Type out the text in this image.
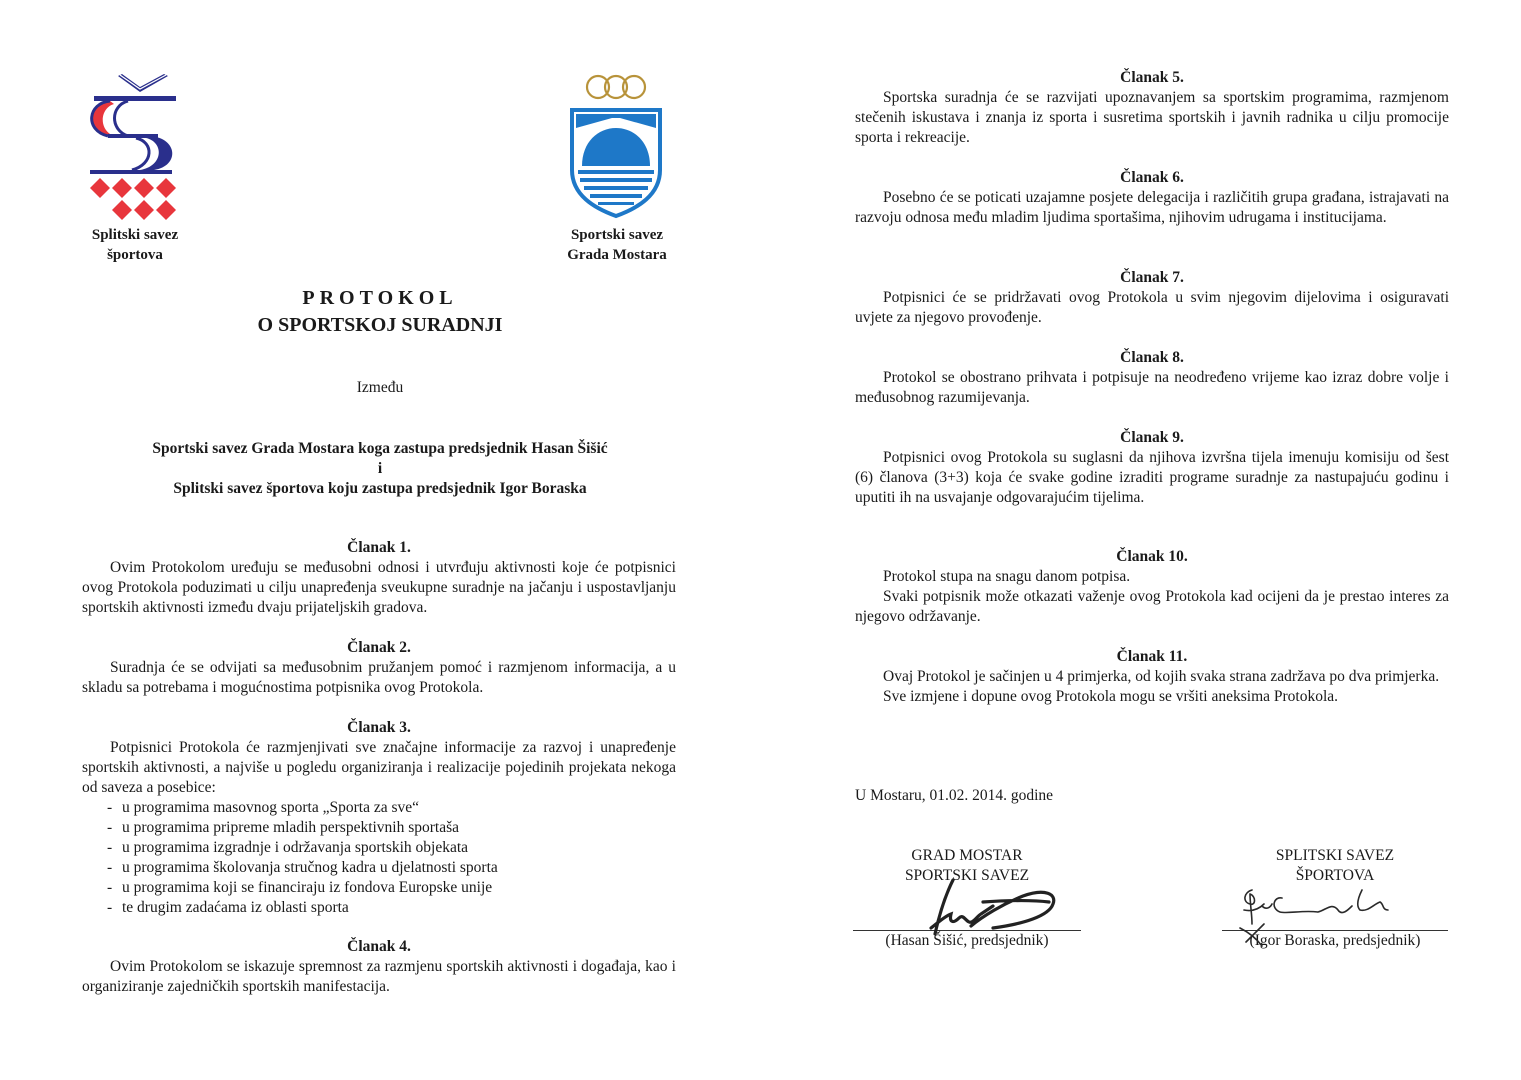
Splitski savez
športova
Sportski savez
Grada Mostara
PROTOKOL
O SPORTSKOJ SURADNJI
Između
Sportski savez Grada Mostara koga zastupa predsjednik Hasan Šišić
i
Splitski savez športova koju zastupa predsjednik Igor Boraska
Članak 1.

Ovim Protokolom uređuju se međusobni odnosi i utvrđuju aktivnosti koje će potpisnici ovog Protokola poduzimati u cilju unapređenja sveukupne suradnje na jačanju i uspostavljanju sportskih aktivnosti između dvaju prijateljskih gradova.

Članak 2.

Suradnja će se odvijati sa međusobnim pružanjem pomoć i razmjenom informacija, a u skladu sa potrebama i mogućnostima potpisnika ovog Protokola.

Članak 3.

Potpisnici Protokola će razmjenjivati sve značajne informacije za razvoj i unapređenje sportskih aktivnosti, a najviše u pogledu organiziranja i realizacije pojedinih projekata nekoga od saveza a posebice:

- u programima masovnog sporta „Sporta za sve“
- u programima pripreme mladih perspektivnih sportaša
- u programima izgradnje i održavanja sportskih objekata
- u programima školovanja stručnog kadra u djelatnosti sporta
- u programima koji se financiraju iz fondova Europske unije
- te drugim zadaćama iz oblasti sporta
Članak 4.

Ovim Protokolom se iskazuje spremnost za razmjenu sportskih aktivnosti i događaja, kao i organiziranje zajedničkih sportskih manifestacija.

Članak 5.

Sportska suradnja će se razvijati upoznavanjem sa sportskim programima, razmjenom stečenih iskustava i znanja iz sporta i susretima sportskih i javnih radnika u cilju promocije sporta i rekreacije.

Članak 6.

Posebno će se poticati uzajamne posjete delegacija i različitih grupa građana, istrajavati na razvoju odnosa među mladim ljudima sportašima, njihovim udrugama i institucijama.

Članak 7.

Potpisnici će se pridržavati ovog Protokola u svim njegovim dijelovima i osiguravati uvjete za njegovo provođenje.

Članak 8.

Protokol se obostrano prihvata i potpisuje na neodređeno vrijeme kao izraz dobre volje i međusobnog razumijevanja.

Članak 9.

Potpisnici ovog Protokola su suglasni da njihova izvršna tijela imenuju komisiju od šest (6) članova (3+3) koja će svake godine izraditi programe suradnje za nastupajuću godinu i uputiti ih na usvajanje odgovarajućim tijelima.

Članak 10.

Protokol stupa na snagu danom potpisa.

Svaki potpisnik može otkazati važenje ovog Protokola kad ocijeni da je prestao interes za njegovo održavanje.

Članak 11.

Ovaj Protokol je sačinjen u 4 primjerka, od kojih svaka strana zadržava po dva primjerka.

Sve izmjene i dopune ovog Protokola mogu se vršiti aneksima Protokola.

U Mostaru, 01.02. 2014. godine
GRAD MOSTAR
SPORTSKI SAVEZ
(Hasan Šišić, predsjednik)
SPLITSKI SAVEZ
ŠPORTOVA
(Igor Boraska, predsjednik)
